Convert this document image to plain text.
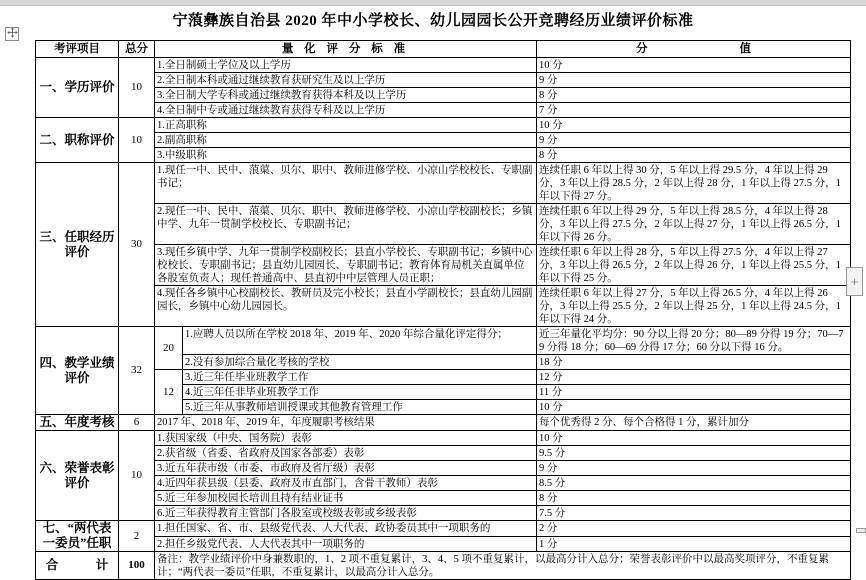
宁蒗彝族自治县 2020 年中小学校长、幼儿园园长公开竞聘经历业绩评价标准
考评项目	总分	量 化 评 分 标 准		分　　　　　　　　值
一、学历评价	10	1.全日制硕士学位及以上学历		10 分
		2.全日制本科或通过继续教育获研究生及以上学历		9 分
		3.全日制大学专科或通过继续教育获得本科及以上学历		8 分
		4.全日制中专或通过继续教育获得专科及以上学历		7 分
二、职称评价	10	1.正高职称		10 分
		2.副高职称		9 分
		3.中级职称		8 分
三、任职经历评价	30	1.现任一中、民中、蒗蕖、贝尔、职中、教师进修学校、小凉山学校校长、专职副书记；		连续任职 6 年以上得 30 分，5 年以上得 29.5 分，4 年以上得 29 分，3 年以上得 28.5 分，2 年以上得 28 分，1 年以上得 27.5 分，1 年以下得 27 分。
		2.现任一中、民中、蒗蕖、贝尔、职中、教师进修学校、小凉山学校副校长；乡镇中学、九年一贯制学校校长、专职副书记；		连续任职 6 年以上得 29 分，5 年以上得 28.5 分，4 年以上得 28 分，3 年以上得 27.5 分，2 年以上得 27 分，1 年以上得 26.5 分，1 年以下得 26 分。
		3.现任乡镇中学、九年一贯制学校副校长；县直小学校长、专职副书记；乡镇中心校校长、专职副书记；县直幼儿园园长、专职副书记；教育体育局机关直属单位各股室负责人；现任普通高中、县直初中中层管理人员正职；		连续任职 6 年以上得 28 分，5 年以上得 27.5 分，4 年以上得 27 分，3 年以上得 26.5 分，2 年以上得 26 分，1 年以上得 25.5 分，1 年以下得 25 分。
		4.现任各乡镇中心校副校长、教研员及完小校长；县直小学副校长；县直幼儿园副园长，乡镇中心幼儿园园长。		连续任职 6 年以上得 27 分，5 年以上得 26.5 分，4 年以上得 26 分，3 年以上得 25.5 分，2 年以上得 25 分，1 年以上得 24.5 分，1 年以下得 24 分。
四、教学业绩评价	32	20	1.应聘人员以所在学校 2018 年、2019 年、2020 年综合量化评定得分；	近三年量化平均分：90 分以上得 20 分；80—89 分得 19 分；70—79 分得 18 分；60—69 分得 17 分；60 分以下得 16 分。
			2.没有参加综合量化考核的学校	18 分
		12	3.近三年任毕业班教学工作	12 分
			4.近三年任非毕业班教学工作	11 分
			5.近三年从事教师培训授课或其他教育管理工作	10 分
五、年度考核	6	2017 年、2018 年、2019 年，年度履职考核结果		每个优秀得 2 分、每个合格得 1 分，累计加分
六、荣誉表彰评价	10	1.获国家级（中央、国务院）表彰		10 分
		2.获省级（省委、省政府及国家各部委）表彰		9.5 分
		3.近五年获市级（市委、市政府及省厅级）表彰		9 分
		4.近四年获县级（县委、政府及市直部门，含骨干教师）表彰		8.5 分
		5.近三年参加校园长培训且持有结业证书		8 分
		6.近三年获得教育主管部门各股室或校级表彰或乡级表彰		7.5 分
七、“两代表一委员”任职	2	1.担任国家、省、市、县级党代表、人大代表、政协委员其中一项职务的		2 分
		2.担任乡级党代表、人大代表其中一项职务的		1 分
合　　　计	100	备注：教学业绩评价中身兼数职的，1、2 项不重复累计，3、4、5 项不重复累计，以最高分计入总分；荣誉表彰评价中以最高奖项评分，不重复累计；“两代表一委员”任职，不重复累计，以最高分计入总分。		
+
